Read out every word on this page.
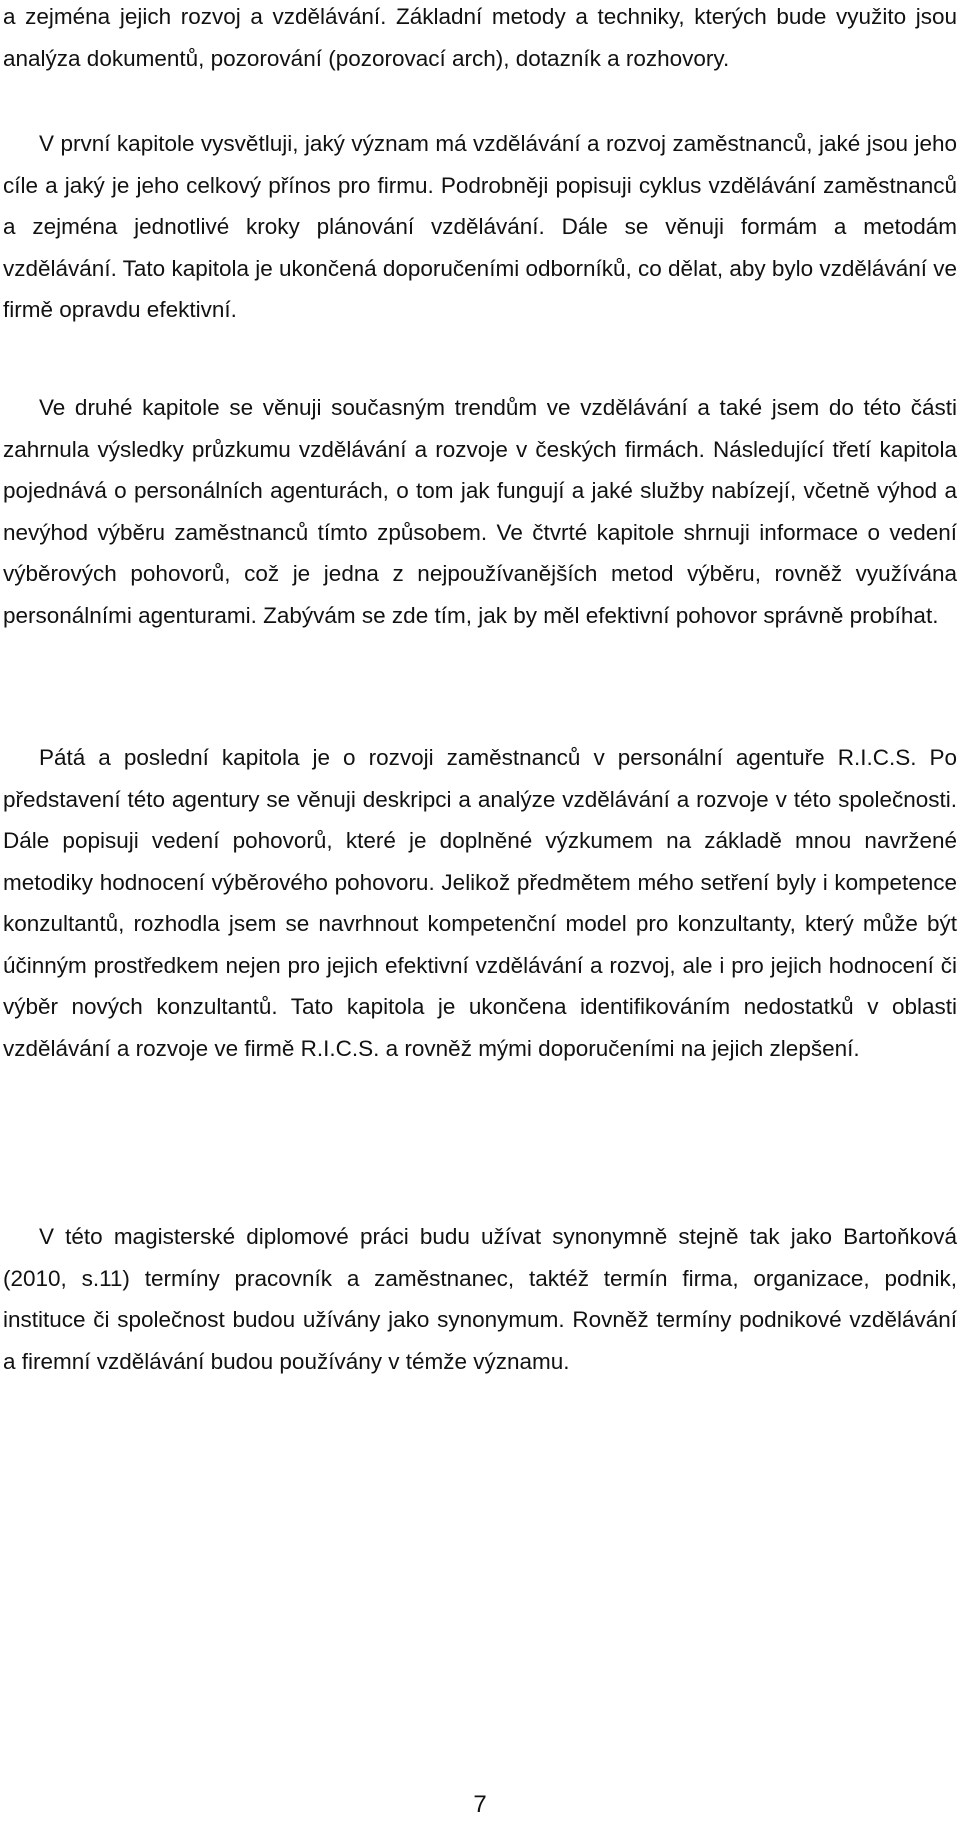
a zejména jejich rozvoj a vzdělávání. Základní metody a techniky, kterých bude využito jsou analýza dokumentů, pozorování (pozorovací arch), dotazník a rozhovory.

V první kapitole vysvětluji, jaký význam má vzdělávání a rozvoj zaměstnanců, jaké jsou jeho cíle a jaký je jeho celkový přínos pro firmu. Podrobněji popisuji cyklus vzdělávání zaměstnanců a zejména jednotlivé kroky plánování vzdělávání. Dále se věnuji formám a metodám vzdělávání. Tato kapitola je ukončená doporučeními odborníků, co dělat, aby bylo vzdělávání ve firmě opravdu efektivní.

Ve druhé kapitole se věnuji současným trendům ve vzdělávání a také jsem do této části zahrnula výsledky průzkumu vzdělávání a rozvoje v českých firmách. Následující třetí kapitola pojednává o personálních agenturách, o tom jak fungují a jaké služby nabízejí, včetně výhod a nevýhod výběru zaměstnanců tímto způsobem. Ve čtvrté kapitole shrnuji informace o vedení výběrových pohovorů, což je jedna z nejpoužívanějších metod výběru, rovněž využívána personálními agenturami. Zabývám se zde tím, jak by měl efektivní pohovor správně probíhat.

Pátá a poslední kapitola je o rozvoji zaměstnanců v personální agentuře R.I.C.S. Po představení této agentury se věnuji deskripci a analýze vzdělávání a rozvoje v této společnosti. Dále popisuji vedení pohovorů, které je doplněné výzkumem na základě mnou navržené metodiky hodnocení výběrového pohovoru. Jelikož předmětem mého setření byly i kompetence konzultantů, rozhodla jsem se navrhnout kompetenční model pro konzultanty, který může být účinným prostředkem nejen pro jejich efektivní vzdělávání a rozvoj, ale i pro jejich hodnocení či výběr nových konzultantů. Tato kapitola je ukončena identifikováním nedostatků v oblasti vzdělávání a rozvoje ve firmě R.I.C.S. a rovněž mými doporučeními na jejich zlepšení.

V této magisterské diplomové práci budu užívat synonymně stejně tak jako Bartoňková (2010, s.11) termíny pracovník a zaměstnanec, taktéž termín firma, organizace, podnik, instituce či společnost budou užívány jako synonymum. Rovněž termíny podnikové vzdělávání a firemní vzdělávání budou používány v témže významu.

7
